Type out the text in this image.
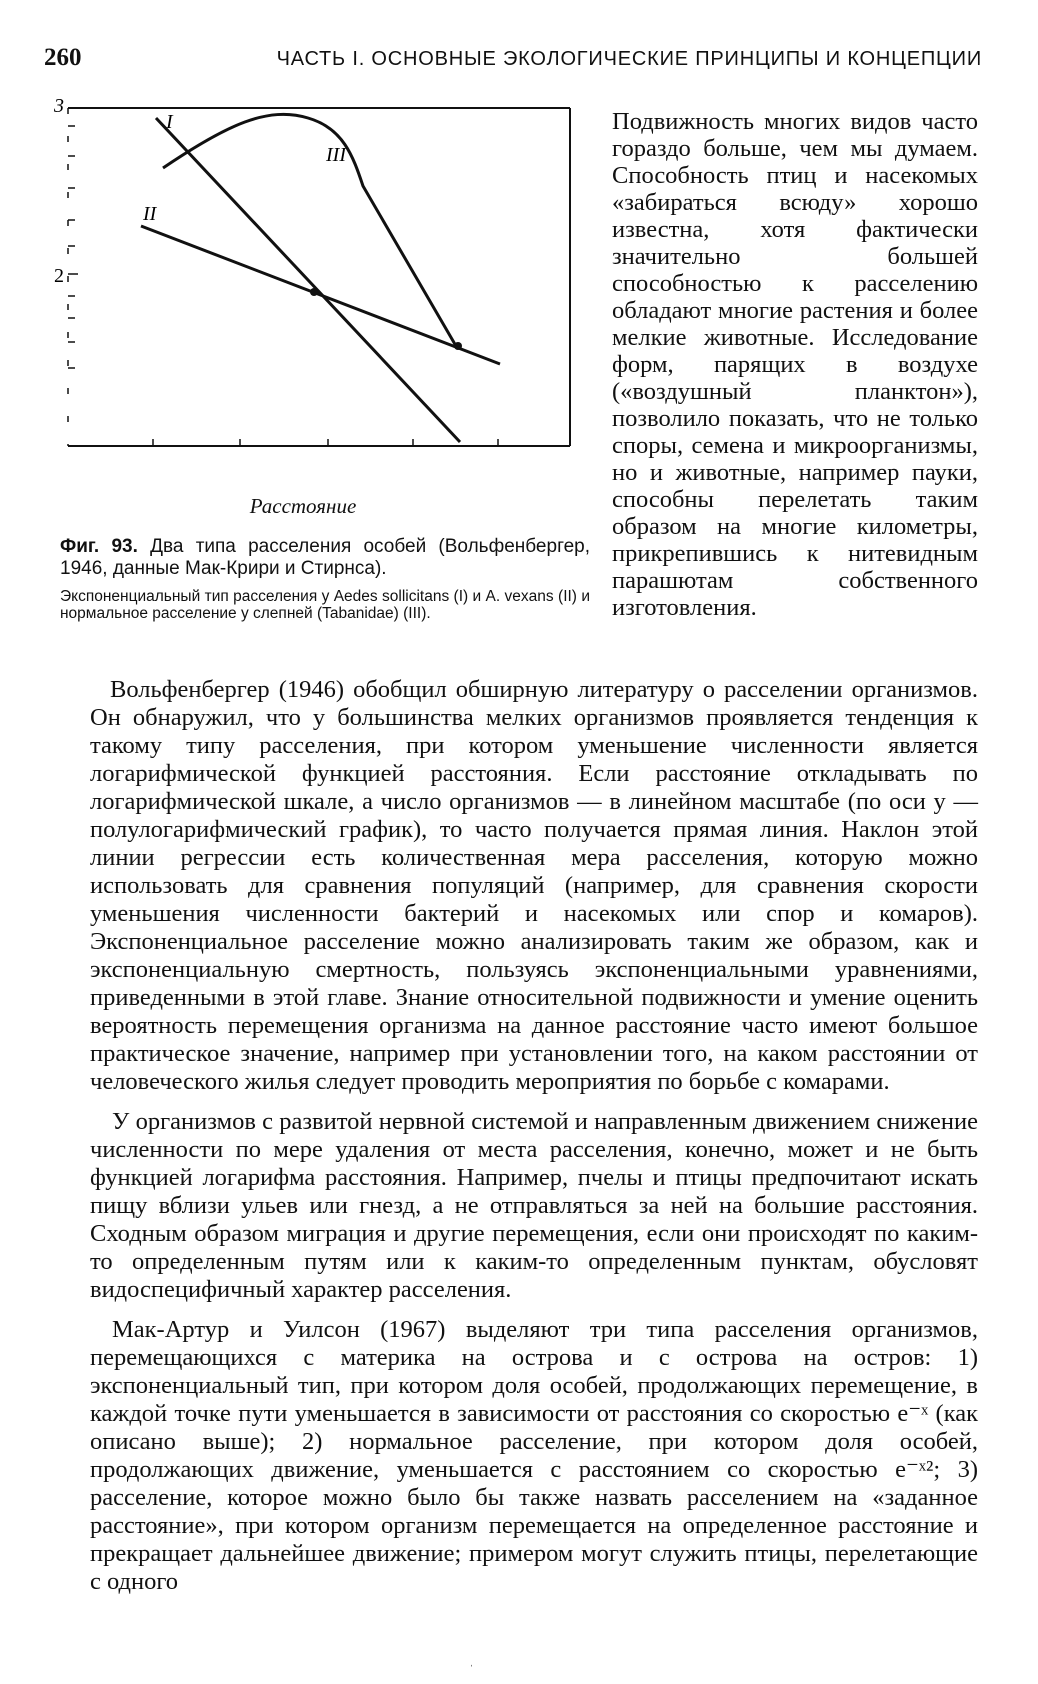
260	ЧАСТЬ I. ОСНОВНЫЕ ЭКОЛОГИЧЕСКИЕ ПРИНЦИПЫ И КОНЦЕПЦИИ
3
2
I
II
III
Расстояние
Фиг. 93. Два типа расселения особей (Вольфенбергер, 1946, данные Мак-Крири и Стирнса).
Экспоненциальный тип расселения у Aedes sollicitans (I) и A. vexans (II) и нормальное расселение у слепней (Tabanidae) (III).
Подвижность многих видов часто гораздо больше, чем мы думаем. Способность птиц и насекомых «забираться всюду» хорошо известна, хотя фактически значительно большей способностью к расселению обладают многие растения и более мелкие животные. Исследование форм, парящих в воздухе («воздушный планктон»), позволило показать, что не только споры, семена и микроорганизмы, но и животные, например пауки, способны перелетать таким образом на многие километры, прикрепившись к нитевидным парашютам собственного изготовления.

Вольфенбергер (1946) обобщил обширную литературу о расселении организмов. Он обнаружил, что у большинства мелких организмов проявляется тенденция к такому типу расселения, при котором уменьшение численности является логарифмической функцией расстояния. Если расстояние откладывать по логарифмической шкале, а число организмов — в линейном масштабе (по оси y — полулогарифмический график), то часто получается прямая линия. Наклон этой линии регрессии есть количественная мера расселения, которую можно использовать для сравнения популяций (например, для сравнения скорости уменьшения численности бактерий и насекомых или спор и комаров). Экспоненциальное расселение можно анализировать таким же образом, как и экспоненциальную смертность, пользуясь экспоненциальными уравнениями, приведенными в этой главе. Знание относительной подвижности и умение оценить вероятность перемещения организма на данное расстояние часто имеют большое практическое значение, например при установлении того, на каком расстоянии от человеческого жилья следует проводить мероприятия по борьбе с комарами.

У организмов с развитой нервной системой и направленным движением снижение численности по мере удаления от места расселения, конечно, может и не быть функцией логарифма расстояния. Например, пчелы и птицы предпочитают искать пищу вблизи ульев или гнезд, а не отправляться за ней на большие расстояния. Сходным образом миграция и другие перемещения, если они происходят по каким-то определенным путям или к каким-то определенным пунктам, обусловят видоспецифичный характер расселения.

Мак-Артур и Уилсон (1967) выделяют три типа расселения организмов, перемещающихся с материка на острова и с острова на остров: 1) экспоненциальный тип, при котором доля особей, продолжающих перемещение, в каждой точке пути уменьшается в зависимости от расстояния со скоростью e⁻ˣ (как описано выше); 2) нормальное расселение, при котором доля особей, продолжающих движение, уменьшается с расстоянием со скоростью e⁻ˣ²; 3) расселение, которое можно было бы также назвать расселением на «заданное расстояние», при котором организм перемещается на определенное расстояние и прекращает дальнейшее движение; примером могут служить птицы, перелетающие с одного

ˌ
